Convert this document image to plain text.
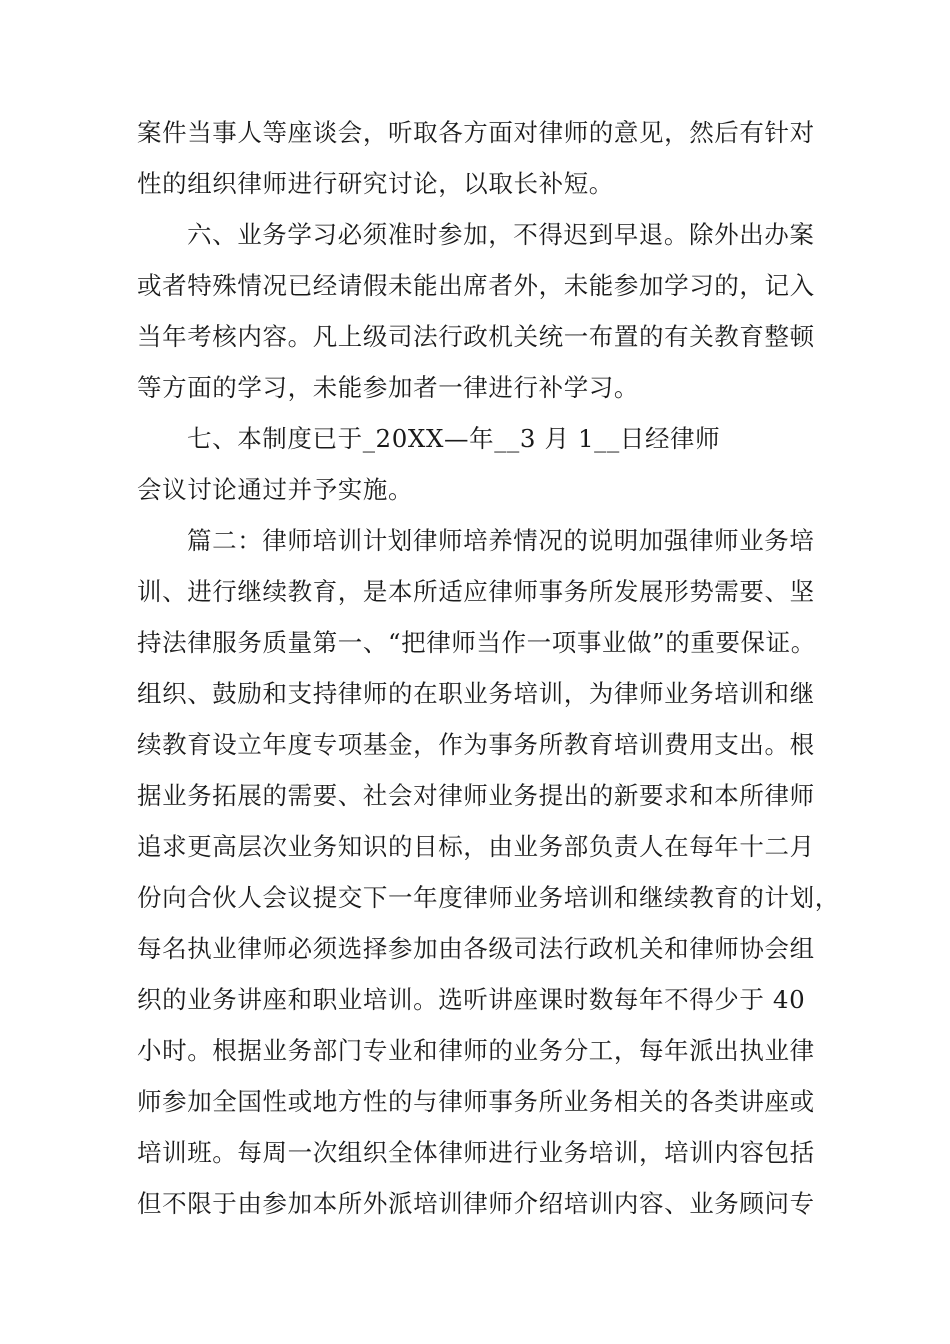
案件当事人等座谈会，听取各方面对律师的意见，然后有针对
性的组织律师进行研究讨论，以取长补短。
六、业务学习必须准时参加，不得迟到早退。除外出办案
或者特殊情况已经请假未能出席者外，未能参加学习的，记入
当年考核内容。凡上级司法行政机关统一布置的有关教育整顿
等方面的学习，未能参加者一律进行补学习。
七、本制度已于_20XX—年__3 月 1__日经律师
会议讨论通过并予实施。
篇二：律师培训计划律师培养情况的说明加强律师业务培
训、进行继续教育，是本所适应律师事务所发展形势需要、坚
持法律服务质量第一、“把律师当作一项事业做”的重要保证。
组织、鼓励和支持律师的在职业务培训，为律师业务培训和继
续教育设立年度专项基金，作为事务所教育培训费用支出。根
据业务拓展的需要、社会对律师业务提出的新要求和本所律师
追求更高层次业务知识的目标，由业务部负责人在每年十二月
份向合伙人会议提交下一年度律师业务培训和继续教育的计划，
每名执业律师必须选择参加由各级司法行政机关和律师协会组
织的业务讲座和职业培训。选听讲座课时数每年不得少于 40
小时。根据业务部门专业和律师的业务分工，每年派出执业律
师参加全国性或地方性的与律师事务所业务相关的各类讲座或
培训班。每周一次组织全体律师进行业务培训，培训内容包括
但不限于由参加本所外派培训律师介绍培训内容、业务顾问专
